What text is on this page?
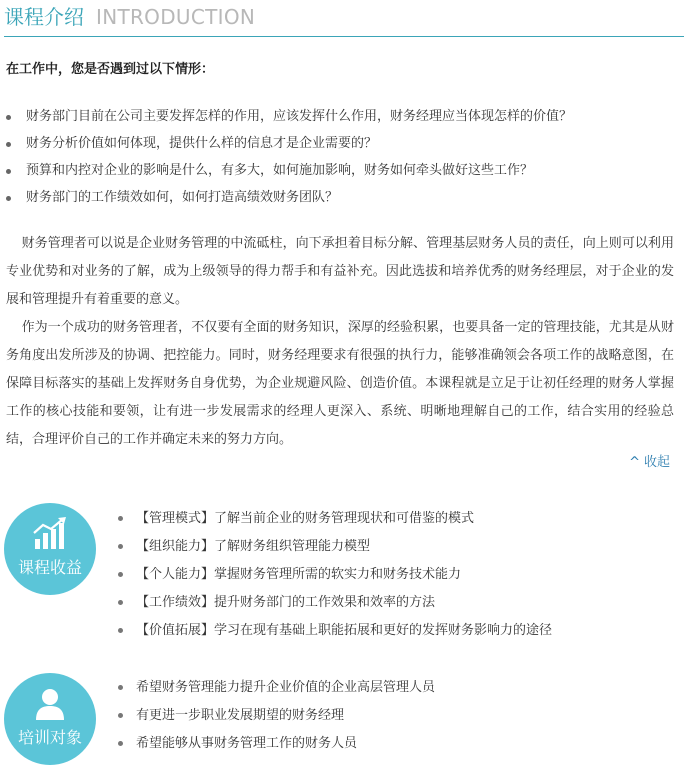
课程介绍 INTRODUCTION
在工作中，您是否遇到过以下情形：
财务部门目前在公司主要发挥怎样的作用，应该发挥什么作用，财务经理应当体现怎样的价值？
财务分析价值如何体现，提供什么样的信息才是企业需要的？
预算和内控对企业的影响是什么，有多大，如何施加影响，财务如何牵头做好这些工作？
财务部门的工作绩效如何，如何打造高绩效财务团队？

财务管理者可以说是企业财务管理的中流砥柱，向下承担着目标分解、管理基层财务人员的责任，向上则可以利用专业优势和对业务的了解，成为上级领导的得力帮手和有益补充。因此选拔和培养优秀的财务经理层，对于企业的发展和管理提升有着重要的意义。

作为一个成功的财务管理者，不仅要有全面的财务知识，深厚的经验积累，也要具备一定的管理技能，尤其是从财务角度出发所涉及的协调、把控能力。同时，财务经理要求有很强的执行力，能够准确领会各项工作的战略意图，在保障目标落实的基础上发挥财务自身优势，为企业规避风险、创造价值。本课程就是立足于让初任经理的财务人掌握工作的核心技能和要领，让有进一步发展需求的经理人更深入、系统、明晰地理解自己的工作，结合实用的经验总结，合理评价自己的工作并确定未来的努力方向。

^ 收起
课程收益
【管理模式】了解当前企业的财务管理现状和可借鉴的模式
【组织能力】了解财务组织管理能力模型
【个人能力】掌握财务管理所需的软实力和财务技术能力
【工作绩效】提升财务部门的工作效果和效率的方法
【价值拓展】学习在现有基础上职能拓展和更好的发挥财务影响力的途径
培训对象
希望财务管理能力提升企业价值的企业高层管理人员
有更进一步职业发展期望的财务经理
希望能够从事财务管理工作的财务人员
